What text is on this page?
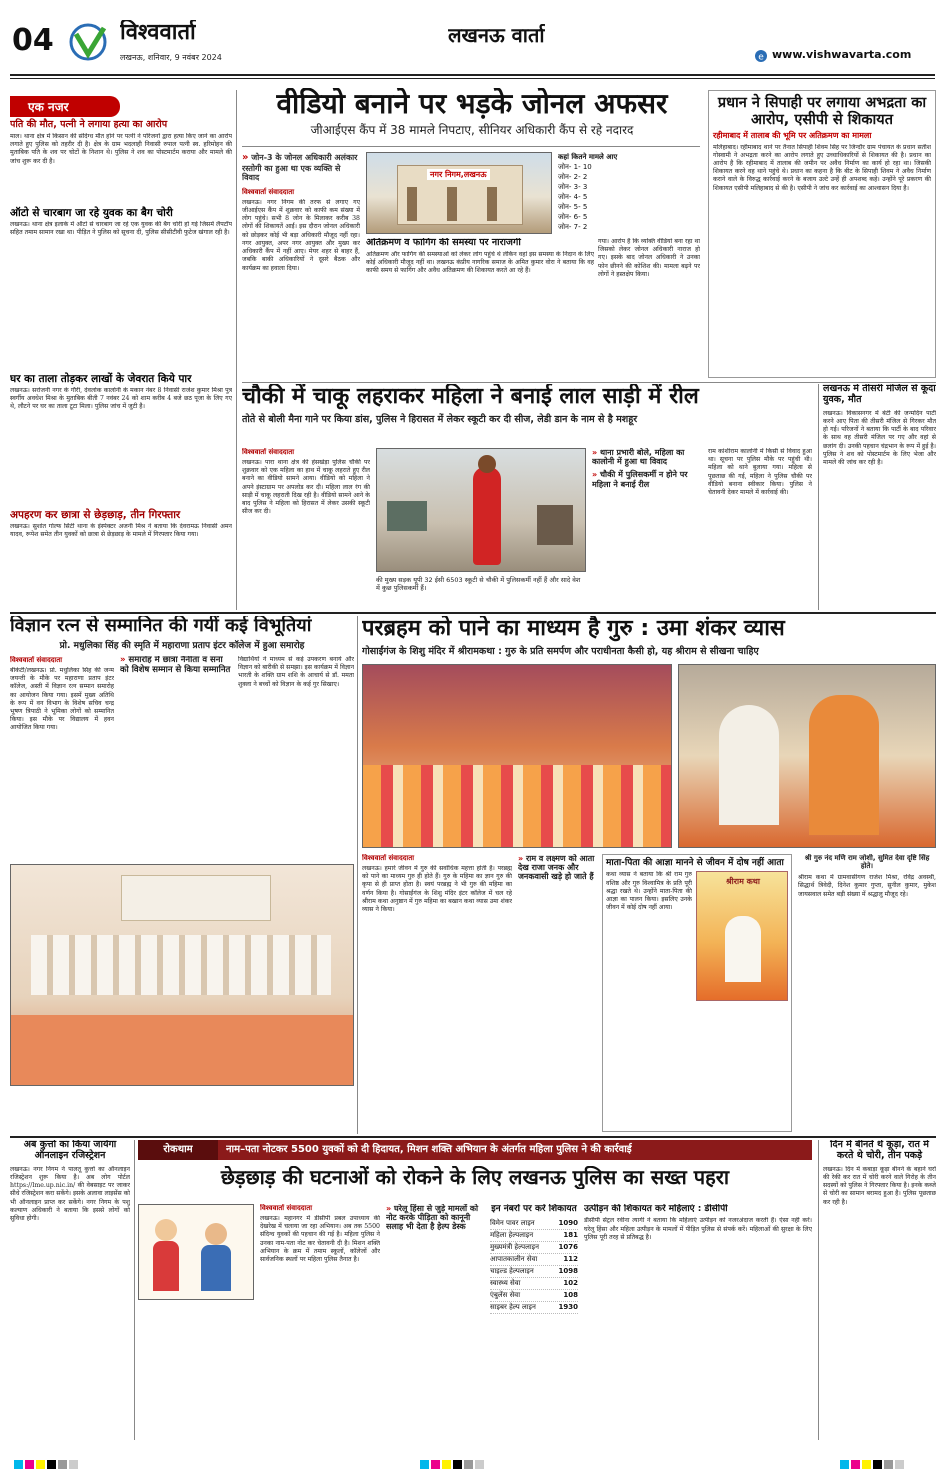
04	विश्ववार्ता
लखनऊ, शनिवार, 9 नवंबर 2024
लखनऊ वार्ता
e www.vishwavarta.com
एक नजर
पति की मौत, पत्नी ने लगाया हत्या का आरोप
माल। थाना क्षेत्र में किसान की संदिग्ध मौत होने पर पत्नी ने परिजनों द्वारा हत्या किए जाने का आरोप लगाते हुए पुलिस को तहरीर दी है। क्षेत्र के ग्राम भदलाही निवासी रुपाल पत्नी स्व. हरिमोहन की मुताबिक पति के शव पर चोटों के निशान थे। पुलिस ने शव का पोस्टमार्टम कराया और मामले की जांच शुरू कर दी है।
ऑटो से चारबाग जा रहे युवक का बैग चोरी
लखनऊ। थाना क्षेत्र इलाके में ऑटो से चारबाग जा रहे एक युवक की बैग चोरी हो गई जिसमें लैपटॉप सहित तमाम सामान रखा था। पीड़ित ने पुलिस को सूचना दी, पुलिस सीसीटीवी फुटेज खंगाल रही है।
घर का ताला तोड़कर लाखों के जेवरात किये पार
लखनऊ। सरोजनी नगर के गौरी, देवलोक कालोनी के मकान नंबर 8 निवासी राजेश कुमार मिश्रा पुत्र स्वर्गीय अवधेश मिश्रा के मुताबिक बीती 7 नवंबर 24 को शाम करीब 4 बजे छठ पूजा के लिए गए थे, लौटने पर घर का ताला टूटा मिला। पुलिस जांच में जुटी है।
अपहरण कर छात्रा से छेड़छाड़, तीन गिरफ्तार
लखनऊ। सुशांत गोल्फ सिटी थाना के इंस्पेक्टर अजनी मिश्र ने बताया कि देवरामऊ निवासी अमन यादव, रूपेश समेत तीन युवकों को छात्रा से छेड़छाड़ के मामले में गिरफ्तार किया गया।
वीडियो बनाने पर भड़के जोनल अफसर
जीआईएस कैंप में 38 मामले निपटाए, सीनियर अधिकारी कैंप से रहे नदारद
» जोन-3 के जोनल अधिकारी अलंकार रस्तोगी का हुआ था एक व्यक्ति से विवाद
विश्ववार्ता संवाददाता
लखनऊ। नगर निगम की तरफ से लगाए गए जीआईएस कैंप में शुक्रवार को काफी कम संख्या में लोग पहुंचे। सभी 8 जोन के मिलाकर करीब 38 लोगों की शिकायतें आईं। इस दौरान जोनल अधिकारी को छोड़कर कोई भी बड़ा अधिकारी मौजूद नहीं रहा। नगर आयुक्त, अपर नगर आयुक्त और मुख्य कर अधिकारी कैंप में नहीं आए। मेयर शहर से बाहर हैं, जबकि बाकी अधिकारियों ने दूसरे बैठक और कार्यक्रम का हवाला दिया।
नगर निगम,लखनऊ
कहां कितने मामले आए
जोन- 1- 10
जोन- 2- 2
जोन- 3- 3
जोन- 4- 5
जोन- 5- 5
जोन- 6- 5
जोन- 7- 2
अतिक्रमण व फागिंग की समस्या पर नाराजगी
अतिक्रमण और फागिंग की समस्याओं को लेकर लोग पहुंचे थे लेकिन वहां इस समस्या के निदान के लिए कोई अधिकारी मौजूद नहीं था। लखनऊ कंप्रीय नागरिक समाज के अमित कुमार वोरा ने बताया कि वह काफी समय से फागिंग और अवैध अतिक्रमण की शिकायत करते आ रहे हैं।
गया। आरोप है कि व्यक्ति वीडियो बना रहा था जिसको लेकर जोनल अधिकारी नाराज हो गए। इसके बाद जोनल अधिकारी ने उनका फोन छीनने की कोशिश की। मामला बढ़ने पर लोगों ने हस्तक्षेप किया।
प्रधान ने सिपाही पर लगाया अभद्रता का आरोप, एसीपी से शिकायत
रहीमाबाद में तालाब की भूमि पर अतिक्रमण का मामला
मलिहाबाद। रहीमाबाद थाने पर तैनात सिपाही शिवम सिंह पर जिन्दौर ग्राम पंचायत के प्रधान सतीश गोस्वामी ने अभद्रता करने का आरोप लगाते हुए उच्चाधिकारियों से शिकायत की है। प्रधान का आरोप है कि रहीमाबाद में तालाब की जमीन पर अवैध निर्माण का कार्य हो रहा था। जिसकी शिकायत करने वह थाने पहुंचे थे। प्रधान का कहना है कि बीट के सिपाही शिवम ने अवैध निर्माण कराने वाले के विरुद्ध कार्रवाई करने के बजाय उल्टे उन्हें ही अपशब्द कहे। उन्होंने पूरे प्रकरण की शिकायत एसीपी मलिहाबाद से की है। एसीपी ने जांच कर कार्रवाई का आश्वासन दिया है।
चौकी में चाकू लहराकर महिला ने बनाई लाल साड़ी में रील
तोते से बोली मैना गाने पर किया डांस, पुलिस ने हिरासत में लेकर स्कूटी कर दी सीज, लेडी डान के नाम से है मशहूर
विश्ववार्ता संवाददाता
लखनऊ। पारा थाना क्षेत्र की हंसखेड़ा पुलिस चौकी पर शुक्रवार को एक महिला का हाथ में चाकू लहराते हुए रील बनाने का वीडियो सामने आया। वीडियो को महिला ने अपने इंस्टाग्राम पर अपलोड कर दी। महिला लाल रंग की साड़ी में चाकू लहराती दिख रही है। वीडियो सामने आने के बाद पुलिस ने महिला को हिरासत में लेकर उसकी स्कूटी सीज कर दी।
की मुख्य सड़क यूपी 32 ईसी 6503 स्कूटी से चौकी में पुलिसकर्मी नहीं हैं और सादे वेश में कुछ पुलिसकर्मी हैं।
» थाना प्रभारी बोले, महिला का कालोनी में हुआ था विवाद
» चौकी में पुलिसकर्मी न होने पर महिला ने बनाई रील
राम कांशीराम कालोनी में किसी से विवाद हुआ था। सूचना पर पुलिस मौके पर पहुंची थी। महिला को थाने बुलाया गया। महिला से पूछताछ की गई, महिला ने पुलिस चौकी पर वीडियो बनाना स्वीकार किया। पुलिस ने चेतावनी देकर मामले में कार्रवाई की।
लखनऊ में तीसरी मंजिल से कूदा युवक, मौत
लखनऊ। विकासनगर में बेटी की जन्मदिन पार्टी करने आए पिता की तीसरी मंजिल से गिरकर मौत हो गई। परिजनों ने बताया कि पार्टी के बाद परिवार के साथ वह तीसरी मंजिल पर गए और वहां से छलांग दी। उनकी पहचान चंद्रभान के रूप में हुई है। पुलिस ने शव को पोस्टमार्टम के लिए भेजा और मामले की जांच कर रही है।
विज्ञान रत्न से सम्मानित की गयीं कई विभूतियां
प्रो. मधुलिका सिंह की स्मृति में महाराणा प्रताप इंटर कॉलेज में हुआ समारोह
विश्ववार्ता संवाददाता
बीकेटी/लखनऊ। प्रो. मधुलिका सिंह की जन्म जयन्ती के मौके पर महाराणा प्रताप इंटर कॉलेज, अस्ती में विज्ञान रत्न सम्मान समारोह का आयोजन किया गया। इसमें मुख्य अतिथि के रूप में वन विभाग के विशेष सचिव चन्द्र भूषण त्रिपाठी ने भूमिका लोगों को सम्मानित किया। इस मौके पर विद्यालय में हवन आयोजित किया गया।
» समारोह में छात्रा नैनीता व सना को विशेष सम्मान से किया सम्मानित
विद्यार्थियों ने माध्यम से कई उपकरण बनाये और विज्ञान को बारीकी से समझा। इस कार्यक्रम में विज्ञान भारती के शक्ति ग्राम शशि के आचार्य से डॉ. ममता शुक्ला ने बच्चों को विज्ञान के कई गुर सिखाए।
परब्रहम को पाने का माध्यम है गुरु : उमा शंकर व्यास
गोसाईंगंज के शिशु मंदिर में श्रीरामकथा : गुरु के प्रति समर्पण और पराधीनता कैसी हो, यह श्रीराम से सीखना चाहिए
विश्ववार्ता संवाददाता
लखनऊ। हमारे जीवन में गुरु की सर्वाधिक महत्ता होती है। परब्रह्म को पाने का माध्यम गुरु ही होते हैं। गुरु के महिमा का ज्ञान गुरु की कृपा से ही प्राप्त होता है। स्वयं परब्रह्म ने भी गुरु की महिमा का वर्णन किया है। गोसाईंगंज के शिशु मंदिर इंटर कॉलेज में चल रहे श्रीराम कथा अनुष्ठान में गुरु महिमा का बखान कथा व्यास उमा शंकर व्यास ने किया।
» राम व लक्ष्मण को आता देख राजा जनक और जनकवासी खड़े हो जाते हैं
माता-पिता की आज्ञा मानने से जीवन में दोष नहीं आता
कथा व्यास ने बताया कि श्री राम गुरु वशिष्ठ और गुरु विश्वामित्र के प्रति पूरी श्रद्धा रखते थे। उन्होंने माता-पिता की आज्ञा का पालन किया। इसलिए उनके जीवन में कोई दोष नहीं आया।
श्रीराम कथा
श्री गुरु नंद मणि राम जोशी, सुमित देवा दृष्टि सिंह होते।
श्रीराम कथा में ग्रामवासीगण राजेश मिश्रा, रविंद्र अवस्थी, सिद्धार्थ त्रिवेदी, दिनेश कुमार गुप्ता, सुनील कुमार, मुकेश जायसवाल समेत बड़ी संख्या में श्रद्धालु मौजूद रहे।
अब कुत्तों का किया जायेगा ऑनलाइन रजिस्ट्रेशन
लखनऊ। नगर निगम ने पालतू कुत्तों का ऑनलाइन रजिस्ट्रेशन शुरू किया है। अब लोग पोर्टल https://lme.up.nic.in/ की वेबसाइट पर जाकर सीधे रजिस्ट्रेशन करा सकेंगे। इसके अलावा लाइसेंस को भी ऑनलाइन प्राप्त कर सकेंगे। नगर निगम के पशु कल्याण अधिकारी ने बताया कि इससे लोगों को सुविधा होगी।
रोकथाम	नाम–पता नोटकर 5500 युवकों को दी हिदायत, मिशन शक्ति अभियान के अंतर्गत महिला पुलिस ने की कार्रवाई
छेड़छाड़ की घटनाओं को रोकने के लिए लखनऊ पुलिस का सख्त पहरा
विश्ववार्ता संवाददाता
लखनऊ। महानगर में डीसीपी प्रबल उपाध्याय की देखरेख में चलाया जा रहा अभियान। अब तक 5500 संदिग्ध युवकों की पहचान की गई है। महिला पुलिस ने उनका नाम-पता नोट कर चेतावनी दी है। मिशन शक्ति अभियान के क्रम में तमाम स्कूलों, कॉलेजों और सार्वजनिक स्थलों पर महिला पुलिस तैनात है।
» घरेलू हिंसा से जुड़े मामलों को नोट करके पीड़िता को कानूनी सलाह भी देता है हेल्प डेस्क
इन नंबरों पर करें शिकायत
विमेन पावर लाइन	1090
महिला हेल्पलाइन	181
मुख्यमंत्री हेल्पलाइन	1076
आपातकालीन सेवा	112
चाइल्ड हेल्पलाइन	1098
स्वास्थ्य सेवा	102
एंबुलेंस सेवा	108
साइबर हेल्प लाइन	1930
उत्पीड़न की शिकायत करें महिलाएं : डीसीपी
डीसीपी सेंट्रल रवीना त्यागी ने बताया कि महिलाएं उत्पीड़न को नजरअंदाज करती हैं। ऐसा नहीं करें। घरेलू हिंसा और महिला उत्पीड़न के मामलों में पीड़ित पुलिस से संपर्क करें। महिलाओं की सुरक्षा के लिए पुलिस पूरी तरह से प्रतिबद्ध है।
दिन में बीनते थे कूड़ा, रात में करते थे चोरी, तीन पकड़े
लखनऊ। दिन में कबाड़ा कूड़ा बीनने के बहाने घरों की रेकी कर रात में चोरी करने वाले गिरोह के तीन सदस्यों को पुलिस ने गिरफ्तार किया है। इनके कब्जे से चोरी का सामान बरामद हुआ है। पुलिस पूछताछ कर रही है।
